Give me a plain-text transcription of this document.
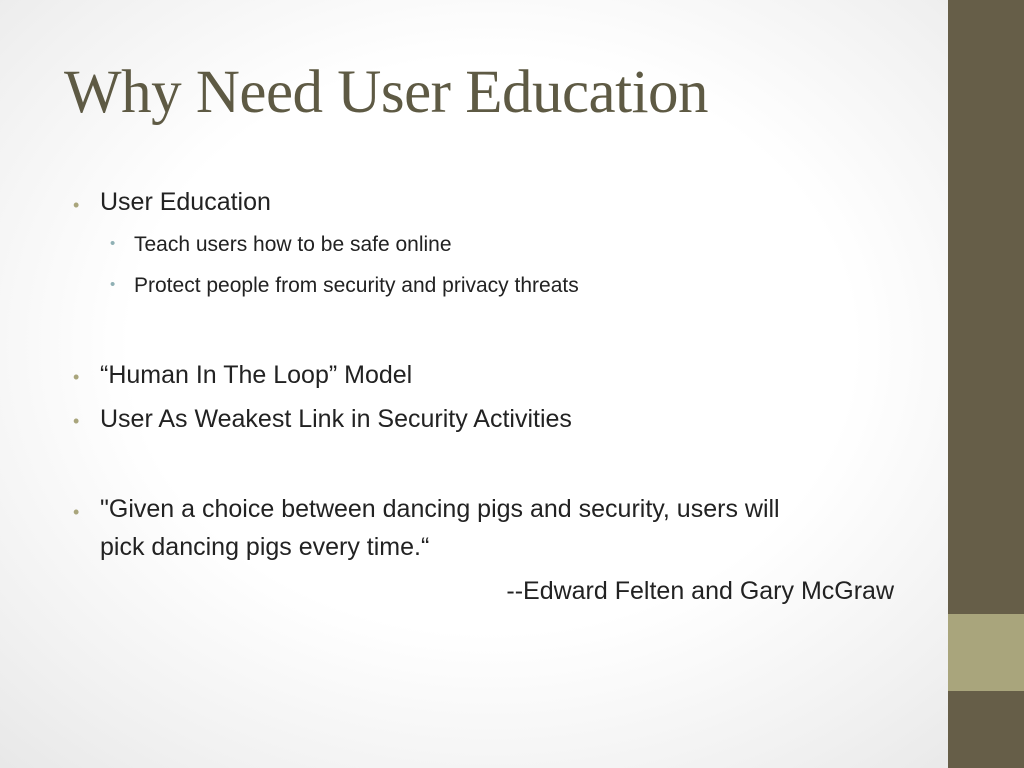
Why Need User Education
• User Education
• Teach users how to be safe online
• Protect people from security and privacy threats
• “Human In The Loop” Model
• User As Weakest Link in Security Activities
• "Given a choice between dancing pigs and security, users will
pick dancing pigs every time.“
--Edward Felten and Gary McGraw
